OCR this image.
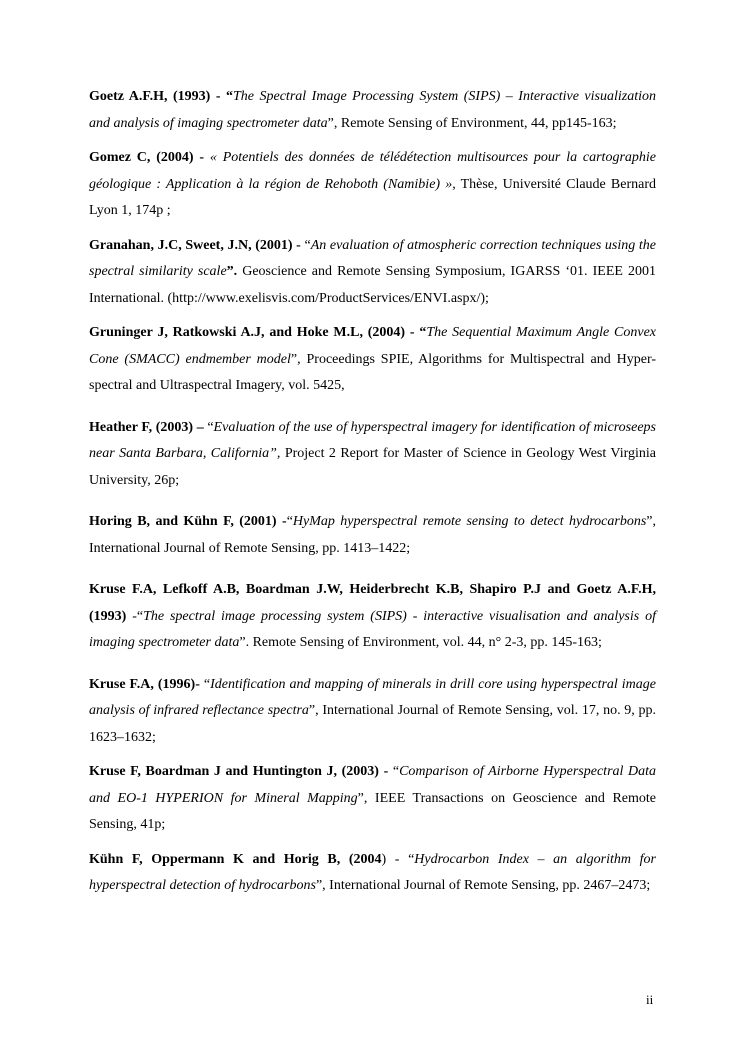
Goetz A.F.H, (1993) - “The Spectral Image Processing System (SIPS) – Interactive visualization and analysis of imaging spectrometer data”, Remote Sensing of Environment, 44, pp145-163;

Gomez C, (2004) - « Potentiels des données de télédétection multisources pour la cartographie géologique : Application à la région de Rehoboth (Namibie) », Thèse, Université Claude Bernard Lyon 1, 174p ;

Granahan, J.C, Sweet, J.N, (2001) - “An evaluation of atmospheric correction techniques using the spectral similarity scale”. Geoscience and Remote Sensing Symposium, IGARSS ‘01. IEEE 2001 International. (http://www.exelisvis.com/ProductServices/ENVI.aspx/);

Gruninger J, Ratkowski A.J, and Hoke M.L, (2004) - “The Sequential Maximum Angle Convex Cone (SMACC) endmember model”, Proceedings SPIE, Algorithms for Multispectral and Hyper-spectral and Ultraspectral Imagery, vol. 5425,

Heather F, (2003) – “Evaluation of the use of hyperspectral imagery for identification of microseeps near Santa Barbara, California”, Project 2 Report for Master of Science in Geology West Virginia University, 26p;

Horing B, and Kühn F, (2001) -“HyMap hyperspectral remote sensing to detect hydrocarbons”, International Journal of Remote Sensing, pp. 1413–1422;

Kruse F.A, Lefkoff A.B, Boardman J.W, Heiderbrecht K.B, Shapiro P.J and Goetz A.F.H, (1993) -“The spectral image processing system (SIPS) - interactive visualisation and analysis of imaging spectrometer data”. Remote Sensing of Environment, vol. 44, n° 2-3, pp. 145-163;

Kruse F.A, (1996)- “Identification and mapping of minerals in drill core using hyperspectral image analysis of infrared reflectance spectra”, International Journal of Remote Sensing, vol. 17, no. 9, pp. 1623–1632;

Kruse F, Boardman J and Huntington J, (2003) - “Comparison of Airborne Hyperspectral Data and EO-1 HYPERION for Mineral Mapping”, IEEE Transactions on Geoscience and Remote Sensing, 41p;

Kühn F, Oppermann K and Horig B, (2004) - “Hydrocarbon Index – an algorithm for hyperspectral detection of hydrocarbons”, International Journal of Remote Sensing, pp. 2467–2473;

ii
